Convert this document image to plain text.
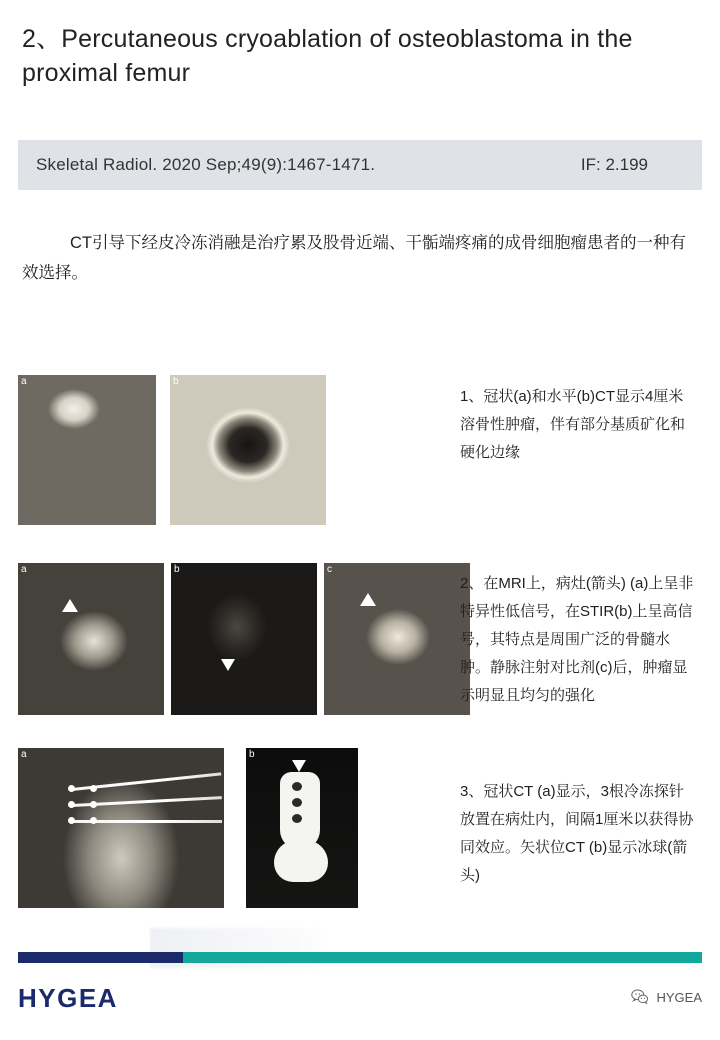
2、Percutaneous cryoablation of osteoblastoma in the proximal femur
Skeletal Radiol. 2020 Sep;49(9):1467-1471.	IF: 2.199
CT引导下经皮冷冻消融是治疗累及股骨近端、干骺端疼痛的成骨细胞瘤患者的一种有效选择。
a	b
1、冠状(a)和水平(b)CT显示4厘米溶骨性肿瘤，伴有部分基质矿化和硬化边缘
a	b	c
2、在MRI上，病灶(箭头) (a)上呈非特异性低信号，在STIR(b)上呈高信号，其特点是周围广泛的骨髓水肿。静脉注射对比剂(c)后，肿瘤显示明显且均匀的强化
a	b
3、冠状CT (a)显示，3根冷冻探针放置在病灶内，间隔1厘米以获得协同效应。矢状位CT (b)显示冰球(箭头)
HYGEA	HYGEA
